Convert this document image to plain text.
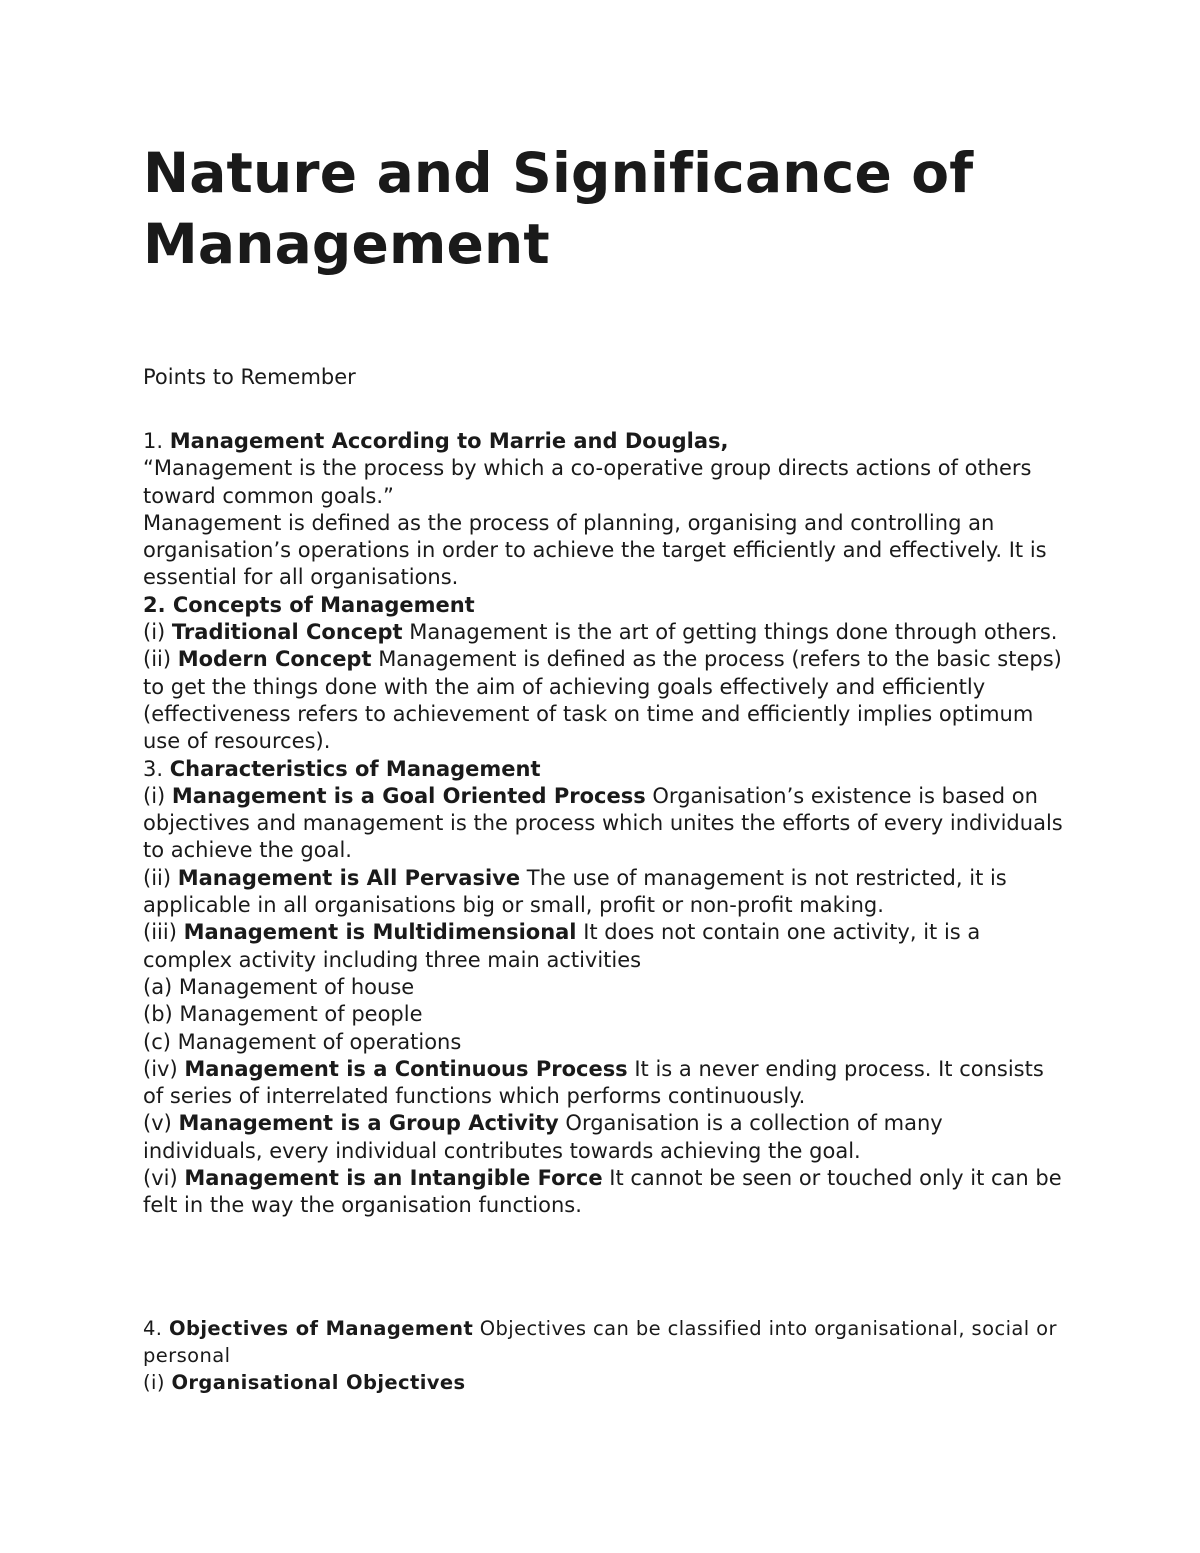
Nature and Significance of Management

Points to Remember

1. Management According to Marrie and Douglas,

“Management is the process by which a co-operative group directs actions of others toward common goals.”

Management is defined as the process of planning, organising and controlling an organisation’s operations in order to achieve the target efficiently and effectively. It is essential for all organisations.

2. Concepts of Management

(i) Traditional Concept Management is the art of getting things done through others.

(ii) Modern Concept Management is defined as the process (refers to the basic steps) to get the things done with the aim of achieving goals effectively and efficiently (effectiveness refers to achievement of task on time and efficiently implies optimum use of resources).

3. Characteristics of Management

(i) Management is a Goal Oriented Process Organisation’s existence is based on objectives and management is the process which unites the efforts of every individuals to achieve the goal.

(ii) Management is All Pervasive The use of management is not restricted, it is applicable in all organisations big or small, profit or non-profit making.

(iii) Management is Multidimensional It does not contain one activity, it is a complex activity including three main activities

(a) Management of house

(b) Management of people

(c) Management of operations

(iv) Management is a Continuous Process It is a never ending process. It consists of series of interrelated functions which performs continuously.

(v) Management is a Group Activity Organisation is a collection of many individuals, every individual contributes towards achieving the goal.

(vi) Management is an Intangible Force It cannot be seen or touched only it can be felt in the way the organisation functions.

4. Objectives of Management Objectives can be classified into organisational, social or personal

(i) Organisational Objectives
